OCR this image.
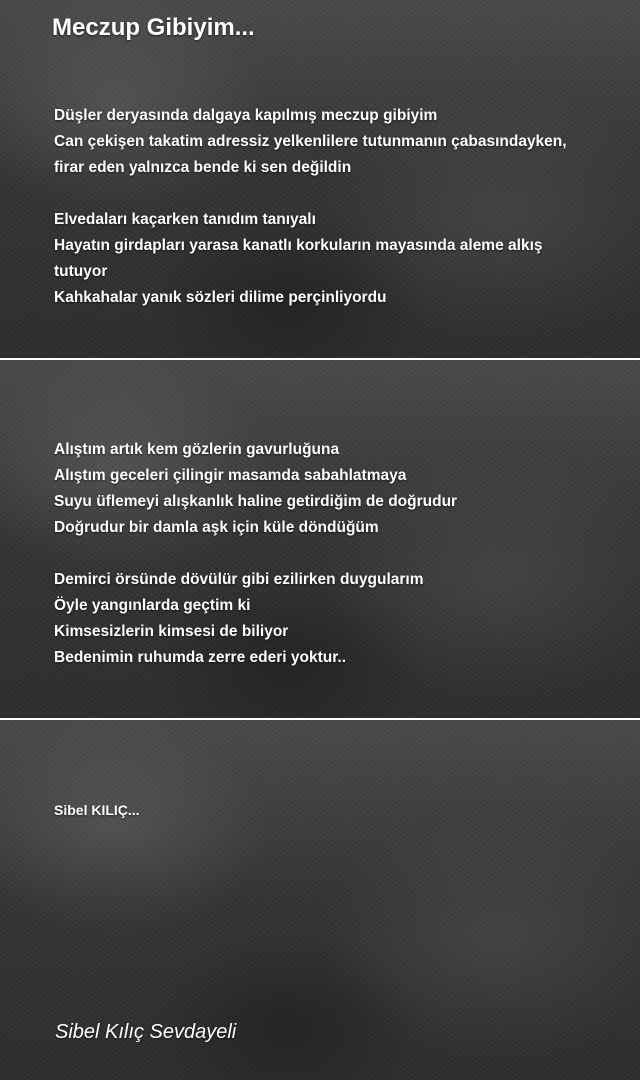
Meczup Gibiyim...

Düşler deryasında dalgaya kapılmış meczup gibiyim
Can çekişen takatim adressiz yelkenlilere tutunmanın çabasındayken,
firar eden yalnızca bende ki sen değildin

Elvedaları kaçarken tanıdım tanıyalı
Hayatın girdapları yarasa kanatlı korkuların mayasında aleme alkış
tutuyor
Kahkahalar yanık sözleri dilime perçinliyordu

Alıştım artık kem gözlerin gavurluğuna
Alıştım geceleri çilingir masamda sabahlatmaya
Suyu üflemeyi alışkanlık haline getirdiğim de doğrudur
Doğrudur bir damla aşk için küle döndüğüm

Demirci örsünde dövülür gibi ezilirken duygularım
Öyle yangınlarda geçtim ki
Kimsesizlerin kimsesi de biliyor
Bedenimin ruhumda zerre ederi yoktur..

Sibel KILIÇ...

Sibel Kılıç Sevdayeli
